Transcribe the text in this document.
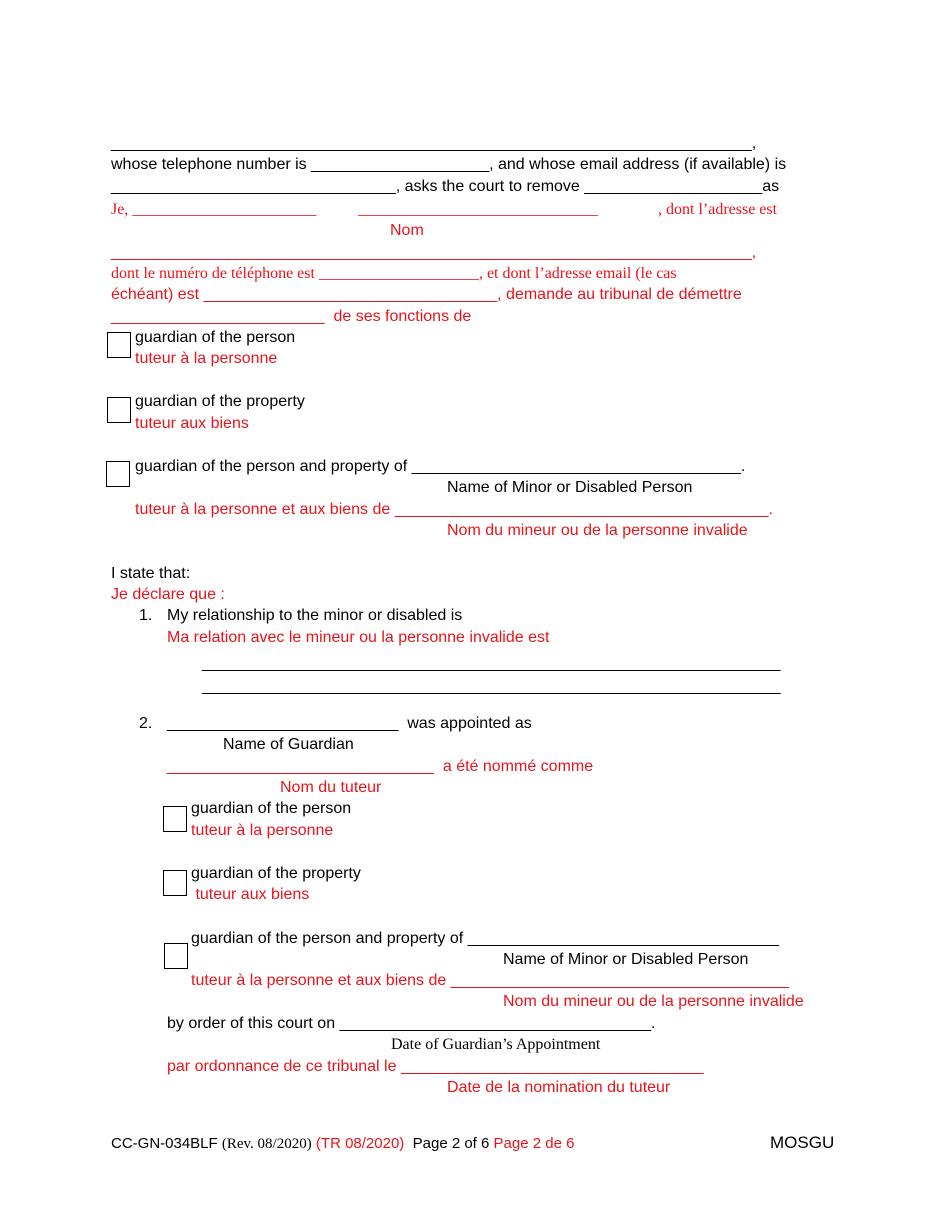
________________________________________________________________________,
whose telephone number is ____________________, and whose email address (if available) is
________________________________, asks the court to remove ____________________as
Je, _______________________	______________________________	, dont l’adresse est
Nom
________________________________________________________________________,
dont le numéro de téléphone est ____________________, et dont l’adresse email (le cas
échéant) est _________________________________, demande au tribunal de démettre
________________________  de ses fonctions de
guardian of the person
tuteur à la personne
guardian of the property
tuteur aux biens
guardian of the person and property of _____________________________________.
Name of Minor or Disabled Person
tuteur à la personne et aux biens de __________________________________________.
Nom du mineur ou de la personne invalide
I state that:
Je déclare que :
1. My relationship to the minor or disabled is
Ma relation avec le mineur ou la personne invalide est
_________________________________________________________________
_________________________________________________________________
2. __________________________  was appointed as
Name of Guardian
______________________________  a été nommé comme
Nom du tuteur
guardian of the person
tuteur à la personne
guardian of the property
tuteur aux biens
guardian of the person and property of ___________________________________
Name of Minor or Disabled Person
tuteur à la personne et aux biens de ______________________________________
Nom du mineur ou de la personne invalide
by order of this court on ___________________________________.
Date of Guardian’s Appointment
par ordonnance de ce tribunal le __________________________________
Date de la nomination du tuteur
CC-GN-034BLF (Rev. 08/2020) (TR 08/2020) Page 2 of 6 Page 2 de 6	MOSGU
